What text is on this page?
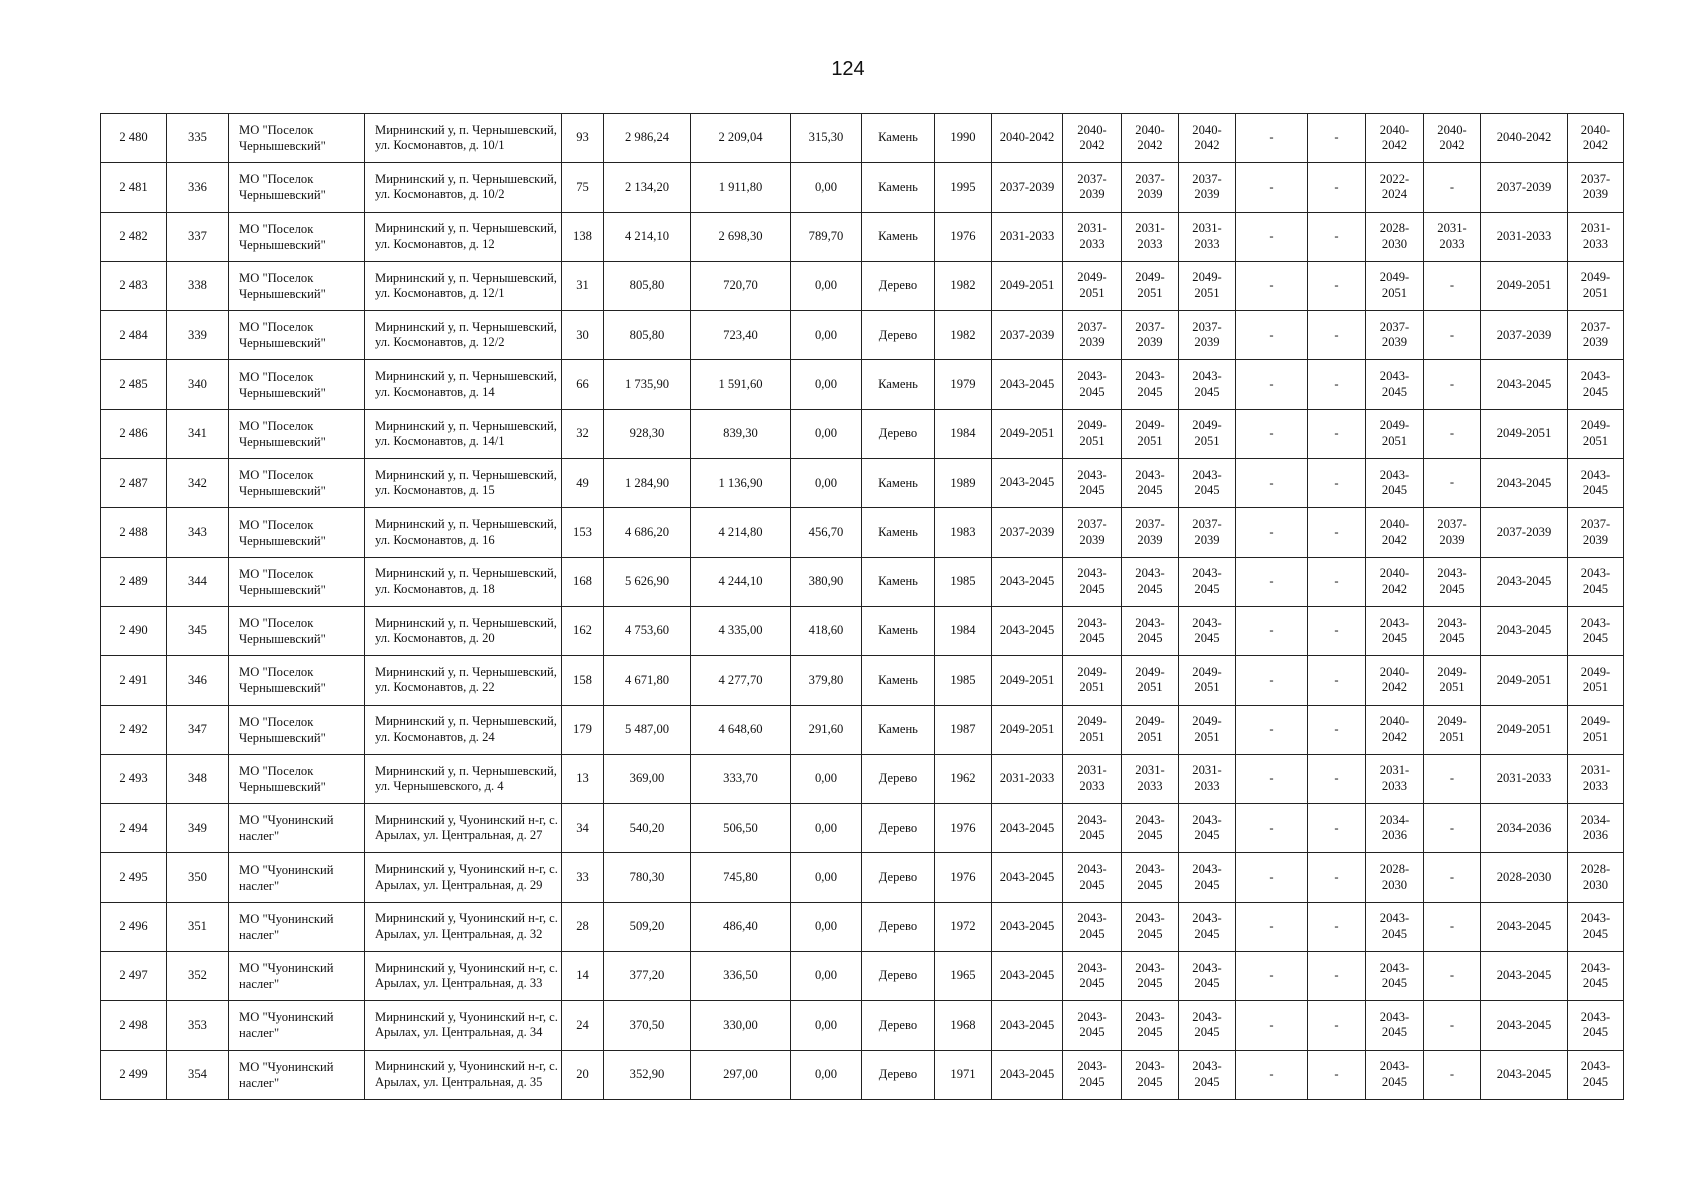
124
2 480	335	МО "Поселок Чернышевский"	Мирнинский у, п. Чернышевский, ул. Космонавтов, д. 10/1	93	2 986,24	2 209,04	315,30	Камень	1990	2040-2042	2040-2042	2040-2042	2040-2042	-	-	2040-2042	2040-2042	2040-2042	2040-2042
2 481	336	МО "Поселок Чернышевский"	Мирнинский у, п. Чернышевский, ул. Космонавтов, д. 10/2	75	2 134,20	1 911,80	0,00	Камень	1995	2037-2039	2037-2039	2037-2039	2037-2039	-	-	2022-2024	-	2037-2039	2037-2039
2 482	337	МО "Поселок Чернышевский"	Мирнинский у, п. Чернышевский, ул. Космонавтов, д. 12	138	4 214,10	2 698,30	789,70	Камень	1976	2031-2033	2031-2033	2031-2033	2031-2033	-	-	2028-2030	2031-2033	2031-2033	2031-2033
2 483	338	МО "Поселок Чернышевский"	Мирнинский у, п. Чернышевский, ул. Космонавтов, д. 12/1	31	805,80	720,70	0,00	Дерево	1982	2049-2051	2049-2051	2049-2051	2049-2051	-	-	2049-2051	-	2049-2051	2049-2051
2 484	339	МО "Поселок Чернышевский"	Мирнинский у, п. Чернышевский, ул. Космонавтов, д. 12/2	30	805,80	723,40	0,00	Дерево	1982	2037-2039	2037-2039	2037-2039	2037-2039	-	-	2037-2039	-	2037-2039	2037-2039
2 485	340	МО "Поселок Чернышевский"	Мирнинский у, п. Чернышевский, ул. Космонавтов, д. 14	66	1 735,90	1 591,60	0,00	Камень	1979	2043-2045	2043-2045	2043-2045	2043-2045	-	-	2043-2045	-	2043-2045	2043-2045
2 486	341	МО "Поселок Чернышевский"	Мирнинский у, п. Чернышевский, ул. Космонавтов, д. 14/1	32	928,30	839,30	0,00	Дерево	1984	2049-2051	2049-2051	2049-2051	2049-2051	-	-	2049-2051	-	2049-2051	2049-2051
2 487	342	МО "Поселок Чернышевский"	Мирнинский у, п. Чернышевский, ул. Космонавтов, д. 15	49	1 284,90	1 136,90	0,00	Камень	1989	2043-2045	2043-2045	2043-2045	2043-2045	-	-	2043-2045	-	2043-2045	2043-2045
2 488	343	МО "Поселок Чернышевский"	Мирнинский у, п. Чернышевский, ул. Космонавтов, д. 16	153	4 686,20	4 214,80	456,70	Камень	1983	2037-2039	2037-2039	2037-2039	2037-2039	-	-	2040-2042	2037-2039	2037-2039	2037-2039
2 489	344	МО "Поселок Чернышевский"	Мирнинский у, п. Чернышевский, ул. Космонавтов, д. 18	168	5 626,90	4 244,10	380,90	Камень	1985	2043-2045	2043-2045	2043-2045	2043-2045	-	-	2040-2042	2043-2045	2043-2045	2043-2045
2 490	345	МО "Поселок Чернышевский"	Мирнинский у, п. Чернышевский, ул. Космонавтов, д. 20	162	4 753,60	4 335,00	418,60	Камень	1984	2043-2045	2043-2045	2043-2045	2043-2045	-	-	2043-2045	2043-2045	2043-2045	2043-2045
2 491	346	МО "Поселок Чернышевский"	Мирнинский у, п. Чернышевский, ул. Космонавтов, д. 22	158	4 671,80	4 277,70	379,80	Камень	1985	2049-2051	2049-2051	2049-2051	2049-2051	-	-	2040-2042	2049-2051	2049-2051	2049-2051
2 492	347	МО "Поселок Чернышевский"	Мирнинский у, п. Чернышевский, ул. Космонавтов, д. 24	179	5 487,00	4 648,60	291,60	Камень	1987	2049-2051	2049-2051	2049-2051	2049-2051	-	-	2040-2042	2049-2051	2049-2051	2049-2051
2 493	348	МО "Поселок Чернышевский"	Мирнинский у, п. Чернышевский, ул. Чернышевского, д. 4	13	369,00	333,70	0,00	Дерево	1962	2031-2033	2031-2033	2031-2033	2031-2033	-	-	2031-2033	-	2031-2033	2031-2033
2 494	349	МО "Чуонинский наслег"	Мирнинский у, Чуонинский н-г, с. Арылах, ул. Центральная, д. 27	34	540,20	506,50	0,00	Дерево	1976	2043-2045	2043-2045	2043-2045	2043-2045	-	-	2034-2036	-	2034-2036	2034-2036
2 495	350	МО "Чуонинский наслег"	Мирнинский у, Чуонинский н-г, с. Арылах, ул. Центральная, д. 29	33	780,30	745,80	0,00	Дерево	1976	2043-2045	2043-2045	2043-2045	2043-2045	-	-	2028-2030	-	2028-2030	2028-2030
2 496	351	МО "Чуонинский наслег"	Мирнинский у, Чуонинский н-г, с. Арылах, ул. Центральная, д. 32	28	509,20	486,40	0,00	Дерево	1972	2043-2045	2043-2045	2043-2045	2043-2045	-	-	2043-2045	-	2043-2045	2043-2045
2 497	352	МО "Чуонинский наслег"	Мирнинский у, Чуонинский н-г, с. Арылах, ул. Центральная, д. 33	14	377,20	336,50	0,00	Дерево	1965	2043-2045	2043-2045	2043-2045	2043-2045	-	-	2043-2045	-	2043-2045	2043-2045
2 498	353	МО "Чуонинский наслег"	Мирнинский у, Чуонинский н-г, с. Арылах, ул. Центральная, д. 34	24	370,50	330,00	0,00	Дерево	1968	2043-2045	2043-2045	2043-2045	2043-2045	-	-	2043-2045	-	2043-2045	2043-2045
2 499	354	МО "Чуонинский наслег"	Мирнинский у, Чуонинский н-г, с. Арылах, ул. Центральная, д. 35	20	352,90	297,00	0,00	Дерево	1971	2043-2045	2043-2045	2043-2045	2043-2045	-	-	2043-2045	-	2043-2045	2043-2045
